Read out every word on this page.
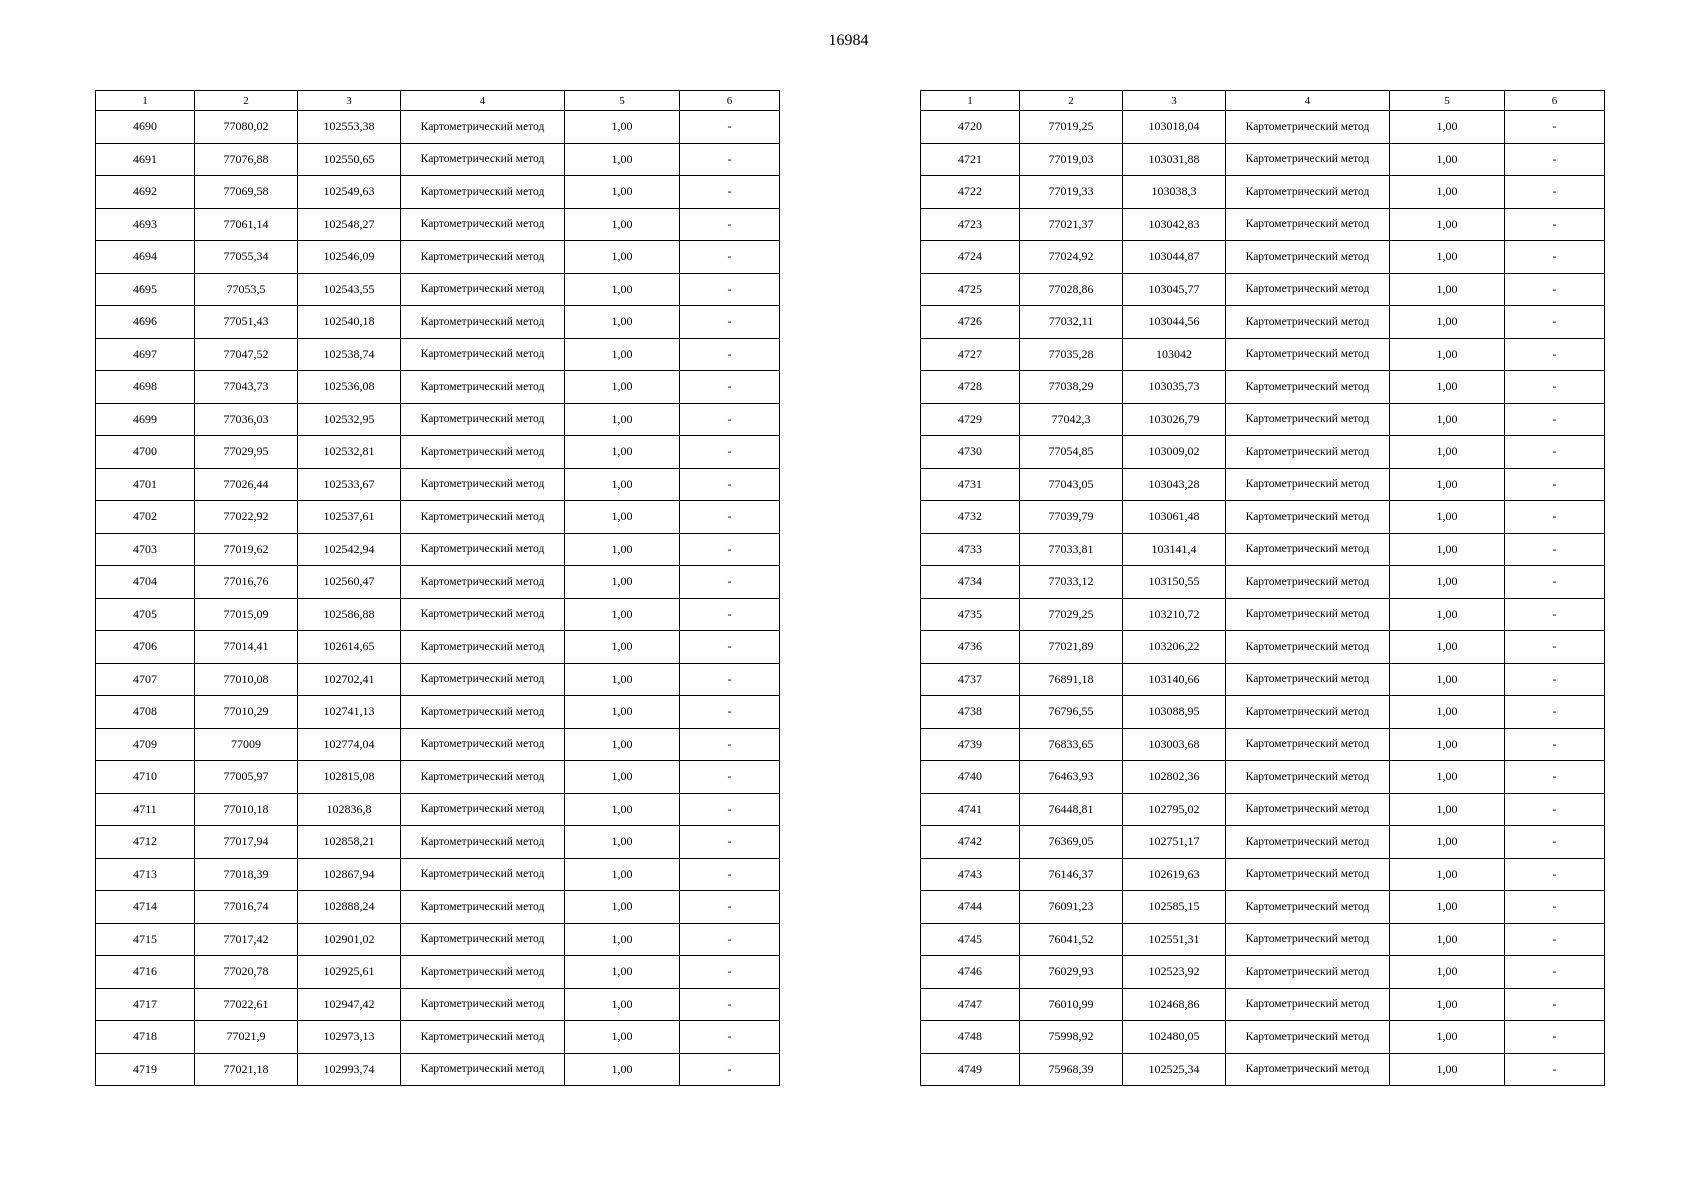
16984
1	2	3	4	5	6
4690	77080,02	102553,38	Картометрический метод	1,00	-
4691	77076,88	102550,65	Картометрический метод	1,00	-
4692	77069,58	102549,63	Картометрический метод	1,00	-
4693	77061,14	102548,27	Картометрический метод	1,00	-
4694	77055,34	102546,09	Картометрический метод	1,00	-
4695	77053,5	102543,55	Картометрический метод	1,00	-
4696	77051,43	102540,18	Картометрический метод	1,00	-
4697	77047,52	102538,74	Картометрический метод	1,00	-
4698	77043,73	102536,08	Картометрический метод	1,00	-
4699	77036,03	102532,95	Картометрический метод	1,00	-
4700	77029,95	102532,81	Картометрический метод	1,00	-
4701	77026,44	102533,67	Картометрический метод	1,00	-
4702	77022,92	102537,61	Картометрический метод	1,00	-
4703	77019,62	102542,94	Картометрический метод	1,00	-
4704	77016,76	102560,47	Картометрический метод	1,00	-
4705	77015,09	102586,88	Картометрический метод	1,00	-
4706	77014,41	102614,65	Картометрический метод	1,00	-
4707	77010,08	102702,41	Картометрический метод	1,00	-
4708	77010,29	102741,13	Картометрический метод	1,00	-
4709	77009	102774,04	Картометрический метод	1,00	-
4710	77005,97	102815,08	Картометрический метод	1,00	-
4711	77010,18	102836,8	Картометрический метод	1,00	-
4712	77017,94	102858,21	Картометрический метод	1,00	-
4713	77018,39	102867,94	Картометрический метод	1,00	-
4714	77016,74	102888,24	Картометрический метод	1,00	-
4715	77017,42	102901,02	Картометрический метод	1,00	-
4716	77020,78	102925,61	Картометрический метод	1,00	-
4717	77022,61	102947,42	Картометрический метод	1,00	-
4718	77021,9	102973,13	Картометрический метод	1,00	-
4719	77021,18	102993,74	Картометрический метод	1,00	-
1	2	3	4	5	6
4720	77019,25	103018,04	Картометрический метод	1,00	-
4721	77019,03	103031,88	Картометрический метод	1,00	-
4722	77019,33	103038,3	Картометрический метод	1,00	-
4723	77021,37	103042,83	Картометрический метод	1,00	-
4724	77024,92	103044,87	Картометрический метод	1,00	-
4725	77028,86	103045,77	Картометрический метод	1,00	-
4726	77032,11	103044,56	Картометрический метод	1,00	-
4727	77035,28	103042	Картометрический метод	1,00	-
4728	77038,29	103035,73	Картометрический метод	1,00	-
4729	77042,3	103026,79	Картометрический метод	1,00	-
4730	77054,85	103009,02	Картометрический метод	1,00	-
4731	77043,05	103043,28	Картометрический метод	1,00	-
4732	77039,79	103061,48	Картометрический метод	1,00	-
4733	77033,81	103141,4	Картометрический метод	1,00	-
4734	77033,12	103150,55	Картометрический метод	1,00	-
4735	77029,25	103210,72	Картометрический метод	1,00	-
4736	77021,89	103206,22	Картометрический метод	1,00	-
4737	76891,18	103140,66	Картометрический метод	1,00	-
4738	76796,55	103088,95	Картометрический метод	1,00	-
4739	76833,65	103003,68	Картометрический метод	1,00	-
4740	76463,93	102802,36	Картометрический метод	1,00	-
4741	76448,81	102795,02	Картометрический метод	1,00	-
4742	76369,05	102751,17	Картометрический метод	1,00	-
4743	76146,37	102619,63	Картометрический метод	1,00	-
4744	76091,23	102585,15	Картометрический метод	1,00	-
4745	76041,52	102551,31	Картометрический метод	1,00	-
4746	76029,93	102523,92	Картометрический метод	1,00	-
4747	76010,99	102468,86	Картометрический метод	1,00	-
4748	75998,92	102480,05	Картометрический метод	1,00	-
4749	75968,39	102525,34	Картометрический метод	1,00	-
